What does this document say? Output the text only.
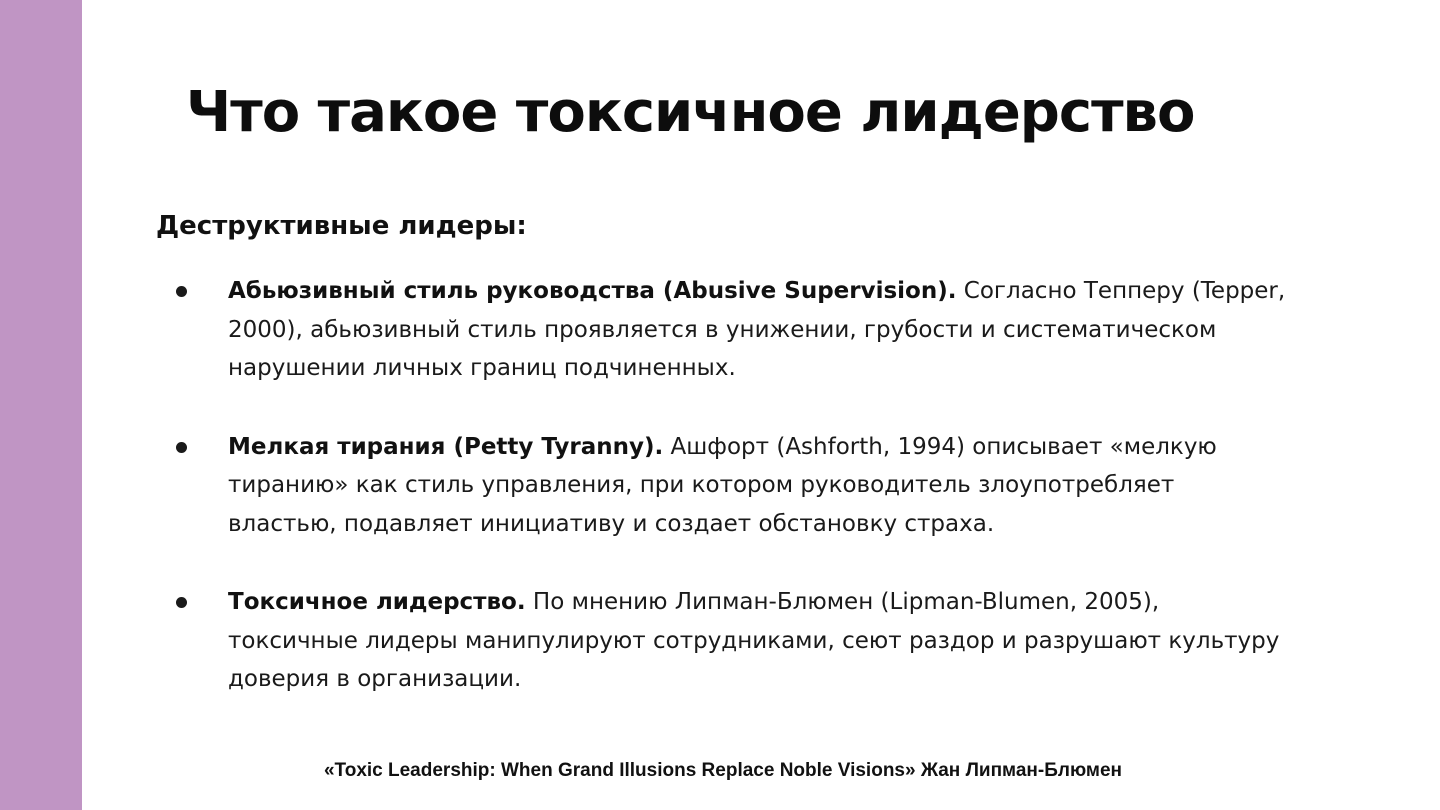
Что такое токсичное лидерство

Деструктивные лидеры:

Абьюзивный стиль руководства (Abusive Supervision). Согласно Тепперу (Tepper, 2000), абьюзивный стиль проявляется в унижении, грубости и систематическом нарушении личных границ подчиненных.
Мелкая тирания (Petty Tyranny). Ашфорт (Ashforth, 1994) описывает «мелкую тиранию» как стиль управления, при котором руководитель злоупотребляет властью, подавляет инициативу и создает обстановку страха.
Токсичное лидерство. По мнению Липман-Блюмен (Lipman-Blumen, 2005), токсичные лидеры манипулируют сотрудниками, сеют раздор и разрушают культуру доверия в организации.

«Toxic Leadership: When Grand Illusions Replace Noble Visions» Жан Липман-Блюмен
